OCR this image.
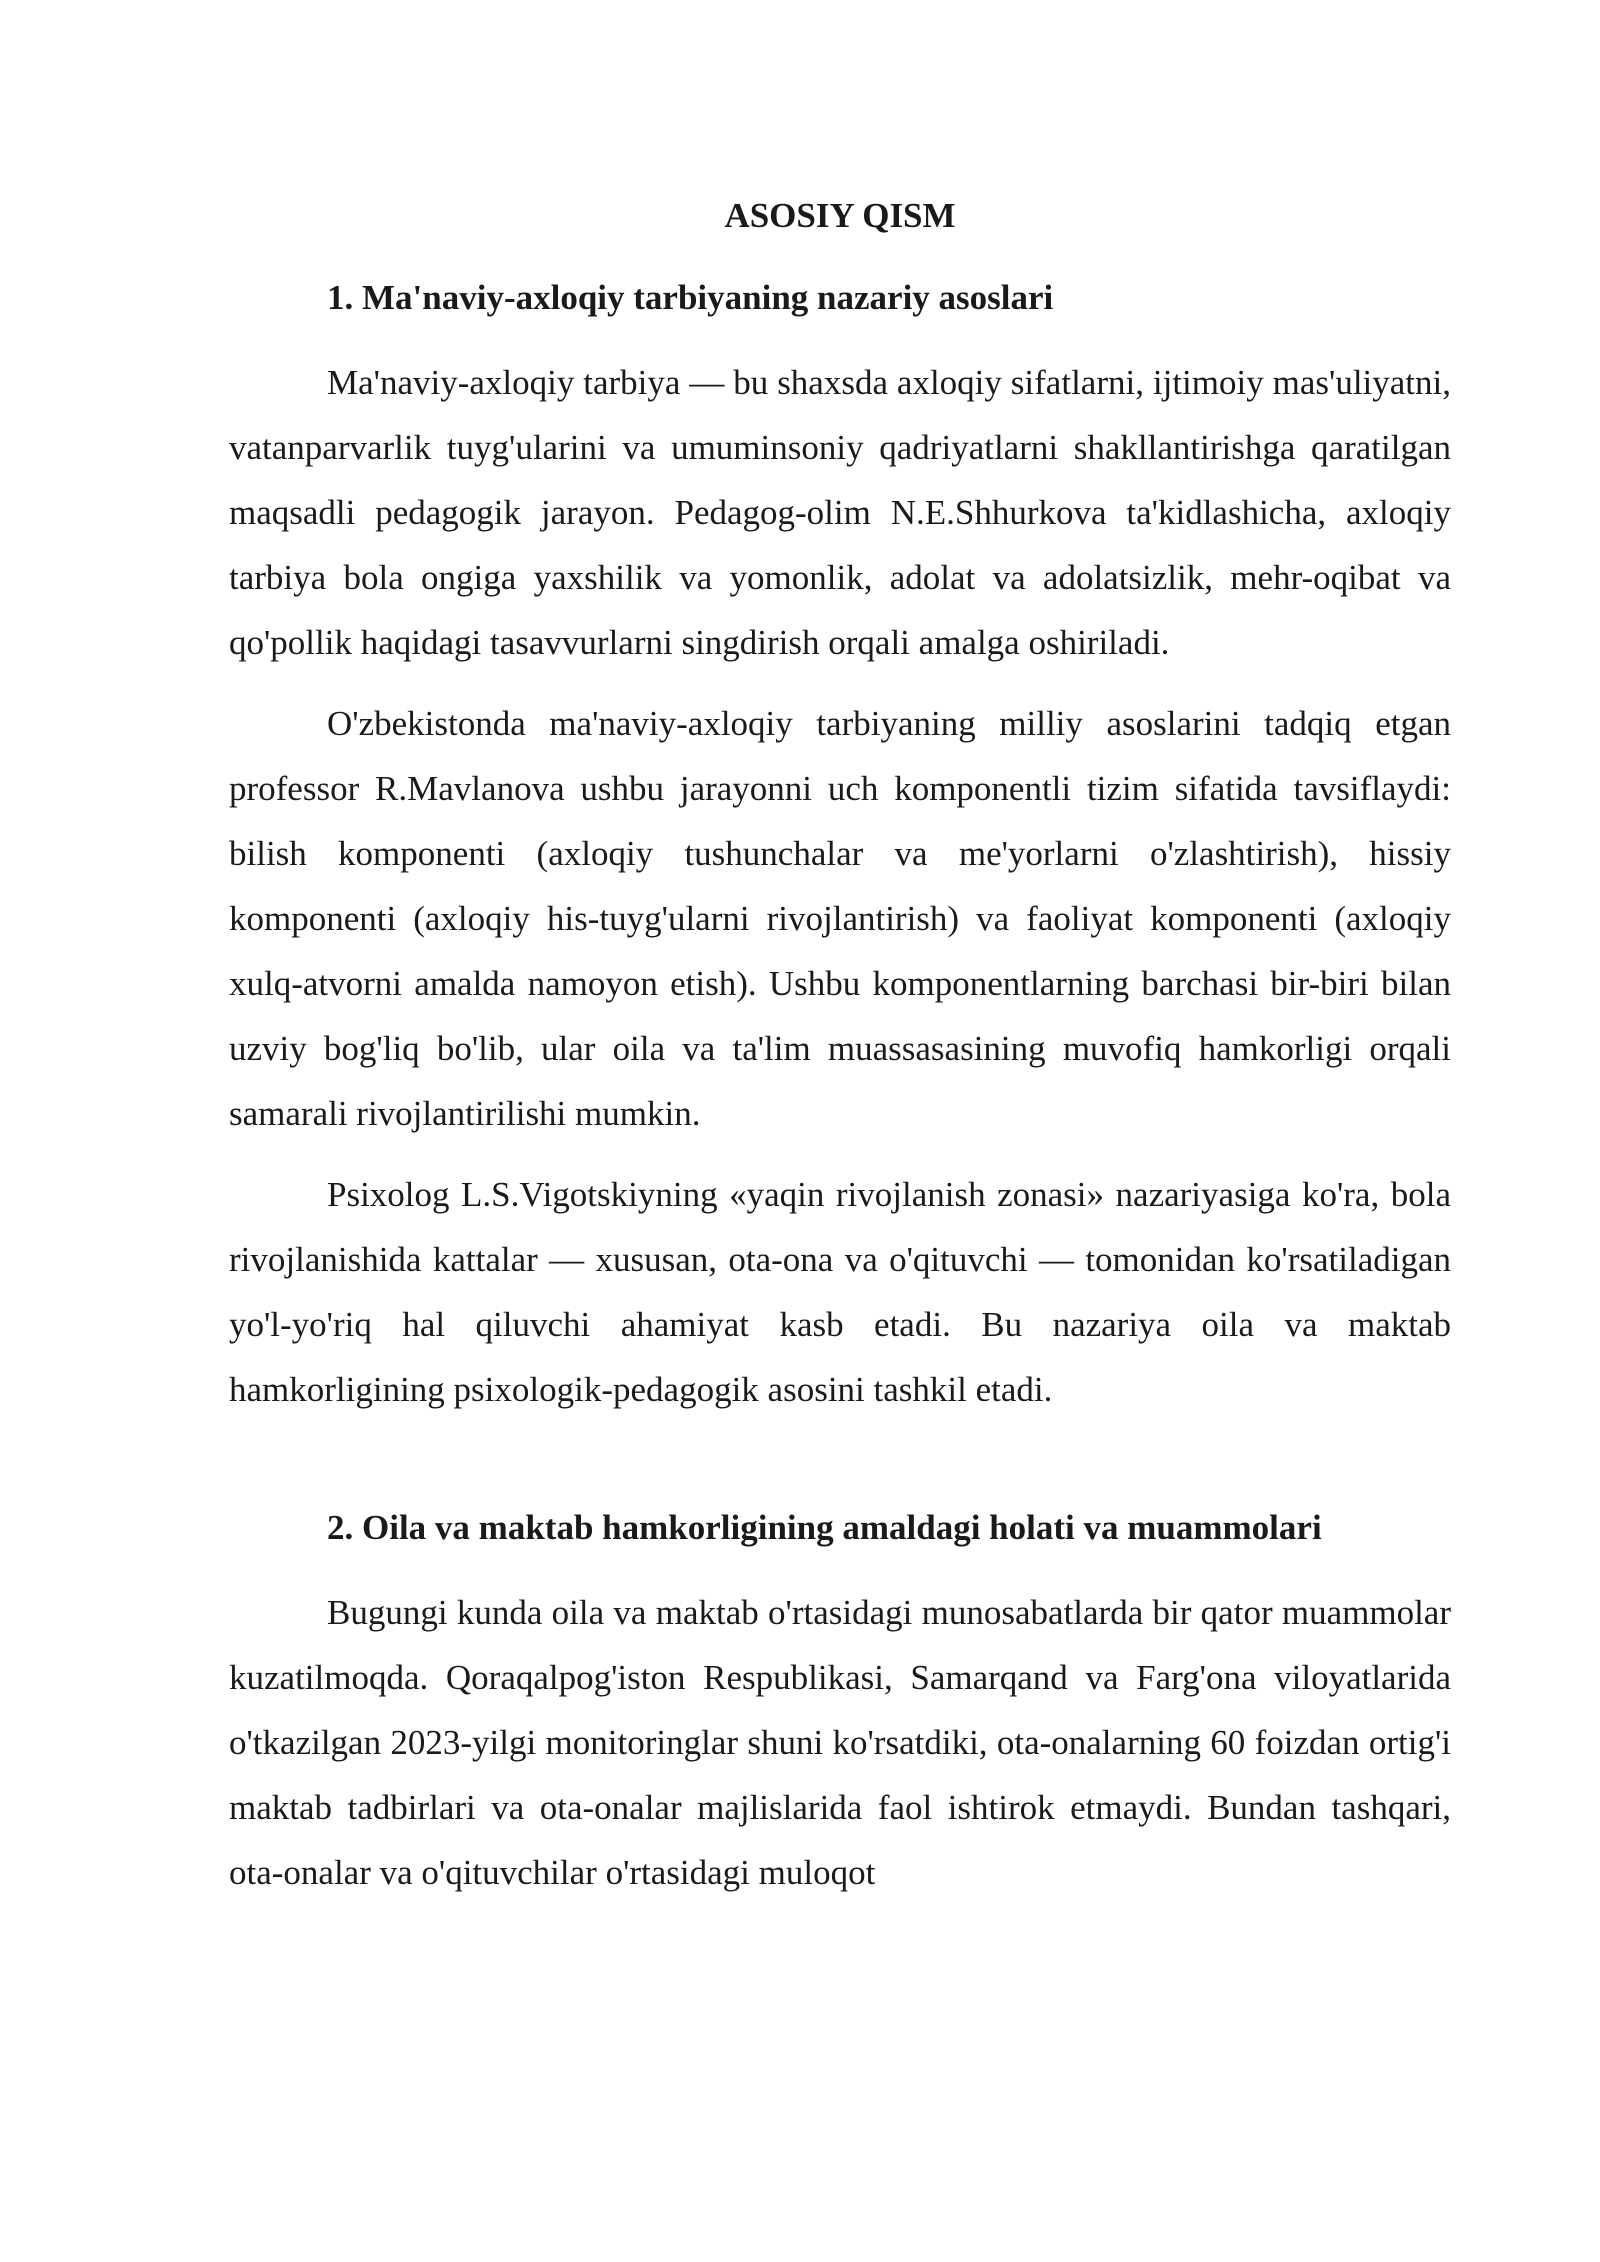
ASOSIY QISM
1. Ma'naviy-axloqiy tarbiyaning nazariy asoslari

Ma'naviy-axloqiy tarbiya — bu shaxsda axloqiy sifatlarni, ijtimoiy mas'uliyatni, vatanparvarlik tuyg'ularini va umuminsoniy qadriyatlarni shakllantirishga qaratilgan maqsadli pedagogik jarayon. Pedagog-olim N.E.Shhurkova ta'kidlashicha, axloqiy tarbiya bola ongiga yaxshilik va yomonlik, adolat va adolatsizlik, mehr-oqibat va qo'pollik haqidagi tasavvurlarni singdirish orqali amalga oshiriladi.

O'zbekistonda ma'naviy-axloqiy tarbiyaning milliy asoslarini tadqiq etgan professor R.Mavlanova ushbu jarayonni uch komponentli tizim sifatida tavsiflaydi: bilish komponenti (axloqiy tushunchalar va me'yorlarni o'zlashtirish), hissiy komponenti (axloqiy his-tuyg'ularni rivojlantirish) va faoliyat komponenti (axloqiy xulq-atvorni amalda namoyon etish). Ushbu komponentlarning barchasi bir-biri bilan uzviy bog'liq bo'lib, ular oila va ta'lim muassasasining muvofiq hamkorligi orqali samarali rivojlantirilishi mumkin.

Psixolog L.S.Vigotskiyning «yaqin rivojlanish zonasi» nazariyasiga ko'ra, bola rivojlanishida kattalar — xususan, ota-ona va o'qituvchi — tomonidan ko'rsatiladigan yo'l-yo'riq hal qiluvchi ahamiyat kasb etadi. Bu nazariya oila va maktab hamkorligining psixologik-pedagogik asosini tashkil etadi.

2. Oila va maktab hamkorligining amaldagi holati va muammolari

Bugungi kunda oila va maktab o'rtasidagi munosabatlarda bir qator muammolar kuzatilmoqda. Qoraqalpog'iston Respublikasi, Samarqand va Farg'ona viloyatlarida o'tkazilgan 2023-yilgi monitoringlar shuni ko'rsatdiki, ota-onalarning 60 foizdan ortig'i maktab tadbirlari va ota-onalar majlislarida faol ishtirok etmaydi. Bundan tashqari, ota-onalar va o'qituvchilar o'rtasidagi muloqot
